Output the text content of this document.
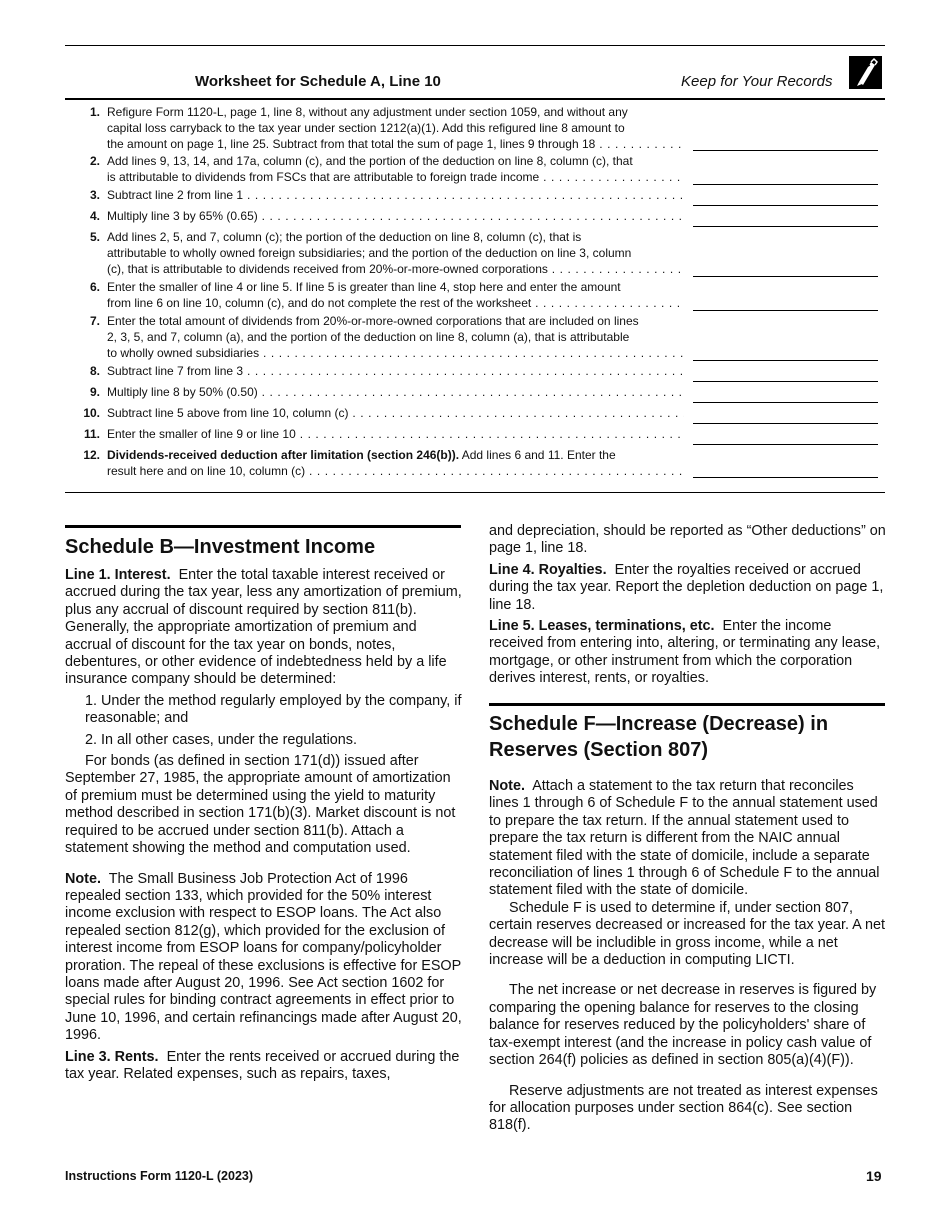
Worksheet for Schedule A, Line 10	Keep for Your Records
1. Refigure Form 1120-L, page 1, line 8, without any adjustment under section 1059, and without any
capital loss carryback to the tax year under section 1212(a)(1). Add this refigured line 8 amount to
the amount on page 1, line 25. Subtract from that total the sum of page 1, lines 9 through 18 . . .
2. Add lines 9, 13, 14, and 17a, column (c), and the portion of the deduction on line 8, column (c), that
is attributable to dividends from FSCs that are attributable to foreign trade income . . .
3. Subtract line 2 from line 1 . . .
4. Multiply line 3 by 65% (0.65) . . .
5. Add lines 2, 5, and 7, column (c); the portion of the deduction on line 8, column (c), that is
attributable to wholly owned foreign subsidiaries; and the portion of the deduction on line 3, column
(c), that is attributable to dividends received from 20%-or-more-owned corporations . . .
6. Enter the smaller of line 4 or line 5. If line 5 is greater than line 4, stop here and enter the amount
from line 6 on line 10, column (c), and do not complete the rest of the worksheet . . .
7. Enter the total amount of dividends from 20%-or-more-owned corporations that are included on lines
2, 3, 5, and 7, column (a), and the portion of the deduction on line 8, column (a), that is attributable
to wholly owned subsidiaries . . .
8. Subtract line 7 from line 3 . . .
9. Multiply line 8 by 50% (0.50) . . .
10. Subtract line 5 above from line 10, column (c) . . .
11. Enter the smaller of line 9 or line 10 . . .
12. Dividends-received deduction after limitation (section 246(b)). Add lines 6 and 11. Enter the
result here and on line 10, column (c) . . .

Schedule B—Investment Income

Line 1. Interest. Enter the total taxable interest received or accrued during the tax year, less any amortization of premium, plus any accrual of discount required by section 811(b). Generally, the appropriate amortization of premium and accrual of discount for the tax year on bonds, notes, debentures, or other evidence of indebtedness held by a life insurance company should be determined:

1. Under the method regularly employed by the company, if reasonable; and

2. In all other cases, under the regulations.

For bonds (as defined in section 171(d)) issued after September 27, 1985, the appropriate amount of amortization of premium must be determined using the yield to maturity method described in section 171(b)(3). Market discount is not required to be accrued under section 811(b). Attach a statement showing the method and computation used.

Note. The Small Business Job Protection Act of 1996 repealed section 133, which provided for the 50% interest income exclusion with respect to ESOP loans. The Act also repealed section 812(g), which provided for the exclusion of interest income from ESOP loans for company/policyholder proration. The repeal of these exclusions is effective for ESOP loans made after August 20, 1996. See Act section 1602 for special rules for binding contract agreements in effect prior to June 10, 1996, and certain refinancings made after August 20, 1996.

Line 3. Rents. Enter the rents received or accrued during the tax year. Related expenses, such as repairs, taxes,

and depreciation, should be reported as “Other deductions” on page 1, line 18.

Line 4. Royalties. Enter the royalties received or accrued during the tax year. Report the depletion deduction on page 1, line 18.

Line 5. Leases, terminations, etc. Enter the income received from entering into, altering, or terminating any lease, mortgage, or other instrument from which the corporation derives interest, rents, or royalties.

Schedule F—Increase (Decrease) in Reserves (Section 807)

Note. Attach a statement to the tax return that reconciles lines 1 through 6 of Schedule F to the annual statement used to prepare the tax return. If the annual statement used to prepare the tax return is different from the NAIC annual statement filed with the state of domicile, include a separate reconciliation of lines 1 through 6 of Schedule F to the annual statement filed with the state of domicile.

Schedule F is used to determine if, under section 807, certain reserves decreased or increased for the tax year. A net decrease will be includible in gross income, while a net increase will be a deduction in computing LICTI.

The net increase or net decrease in reserves is figured by comparing the opening balance for reserves to the closing balance for reserves reduced by the policyholders' share of tax-exempt interest (and the increase in policy cash value of section 264(f) policies as defined in section 805(a)(4)(F)).

Reserve adjustments are not treated as interest expenses for allocation purposes under section 864(c). See section 818(f).

Instructions Form 1120-L (2023)	19
